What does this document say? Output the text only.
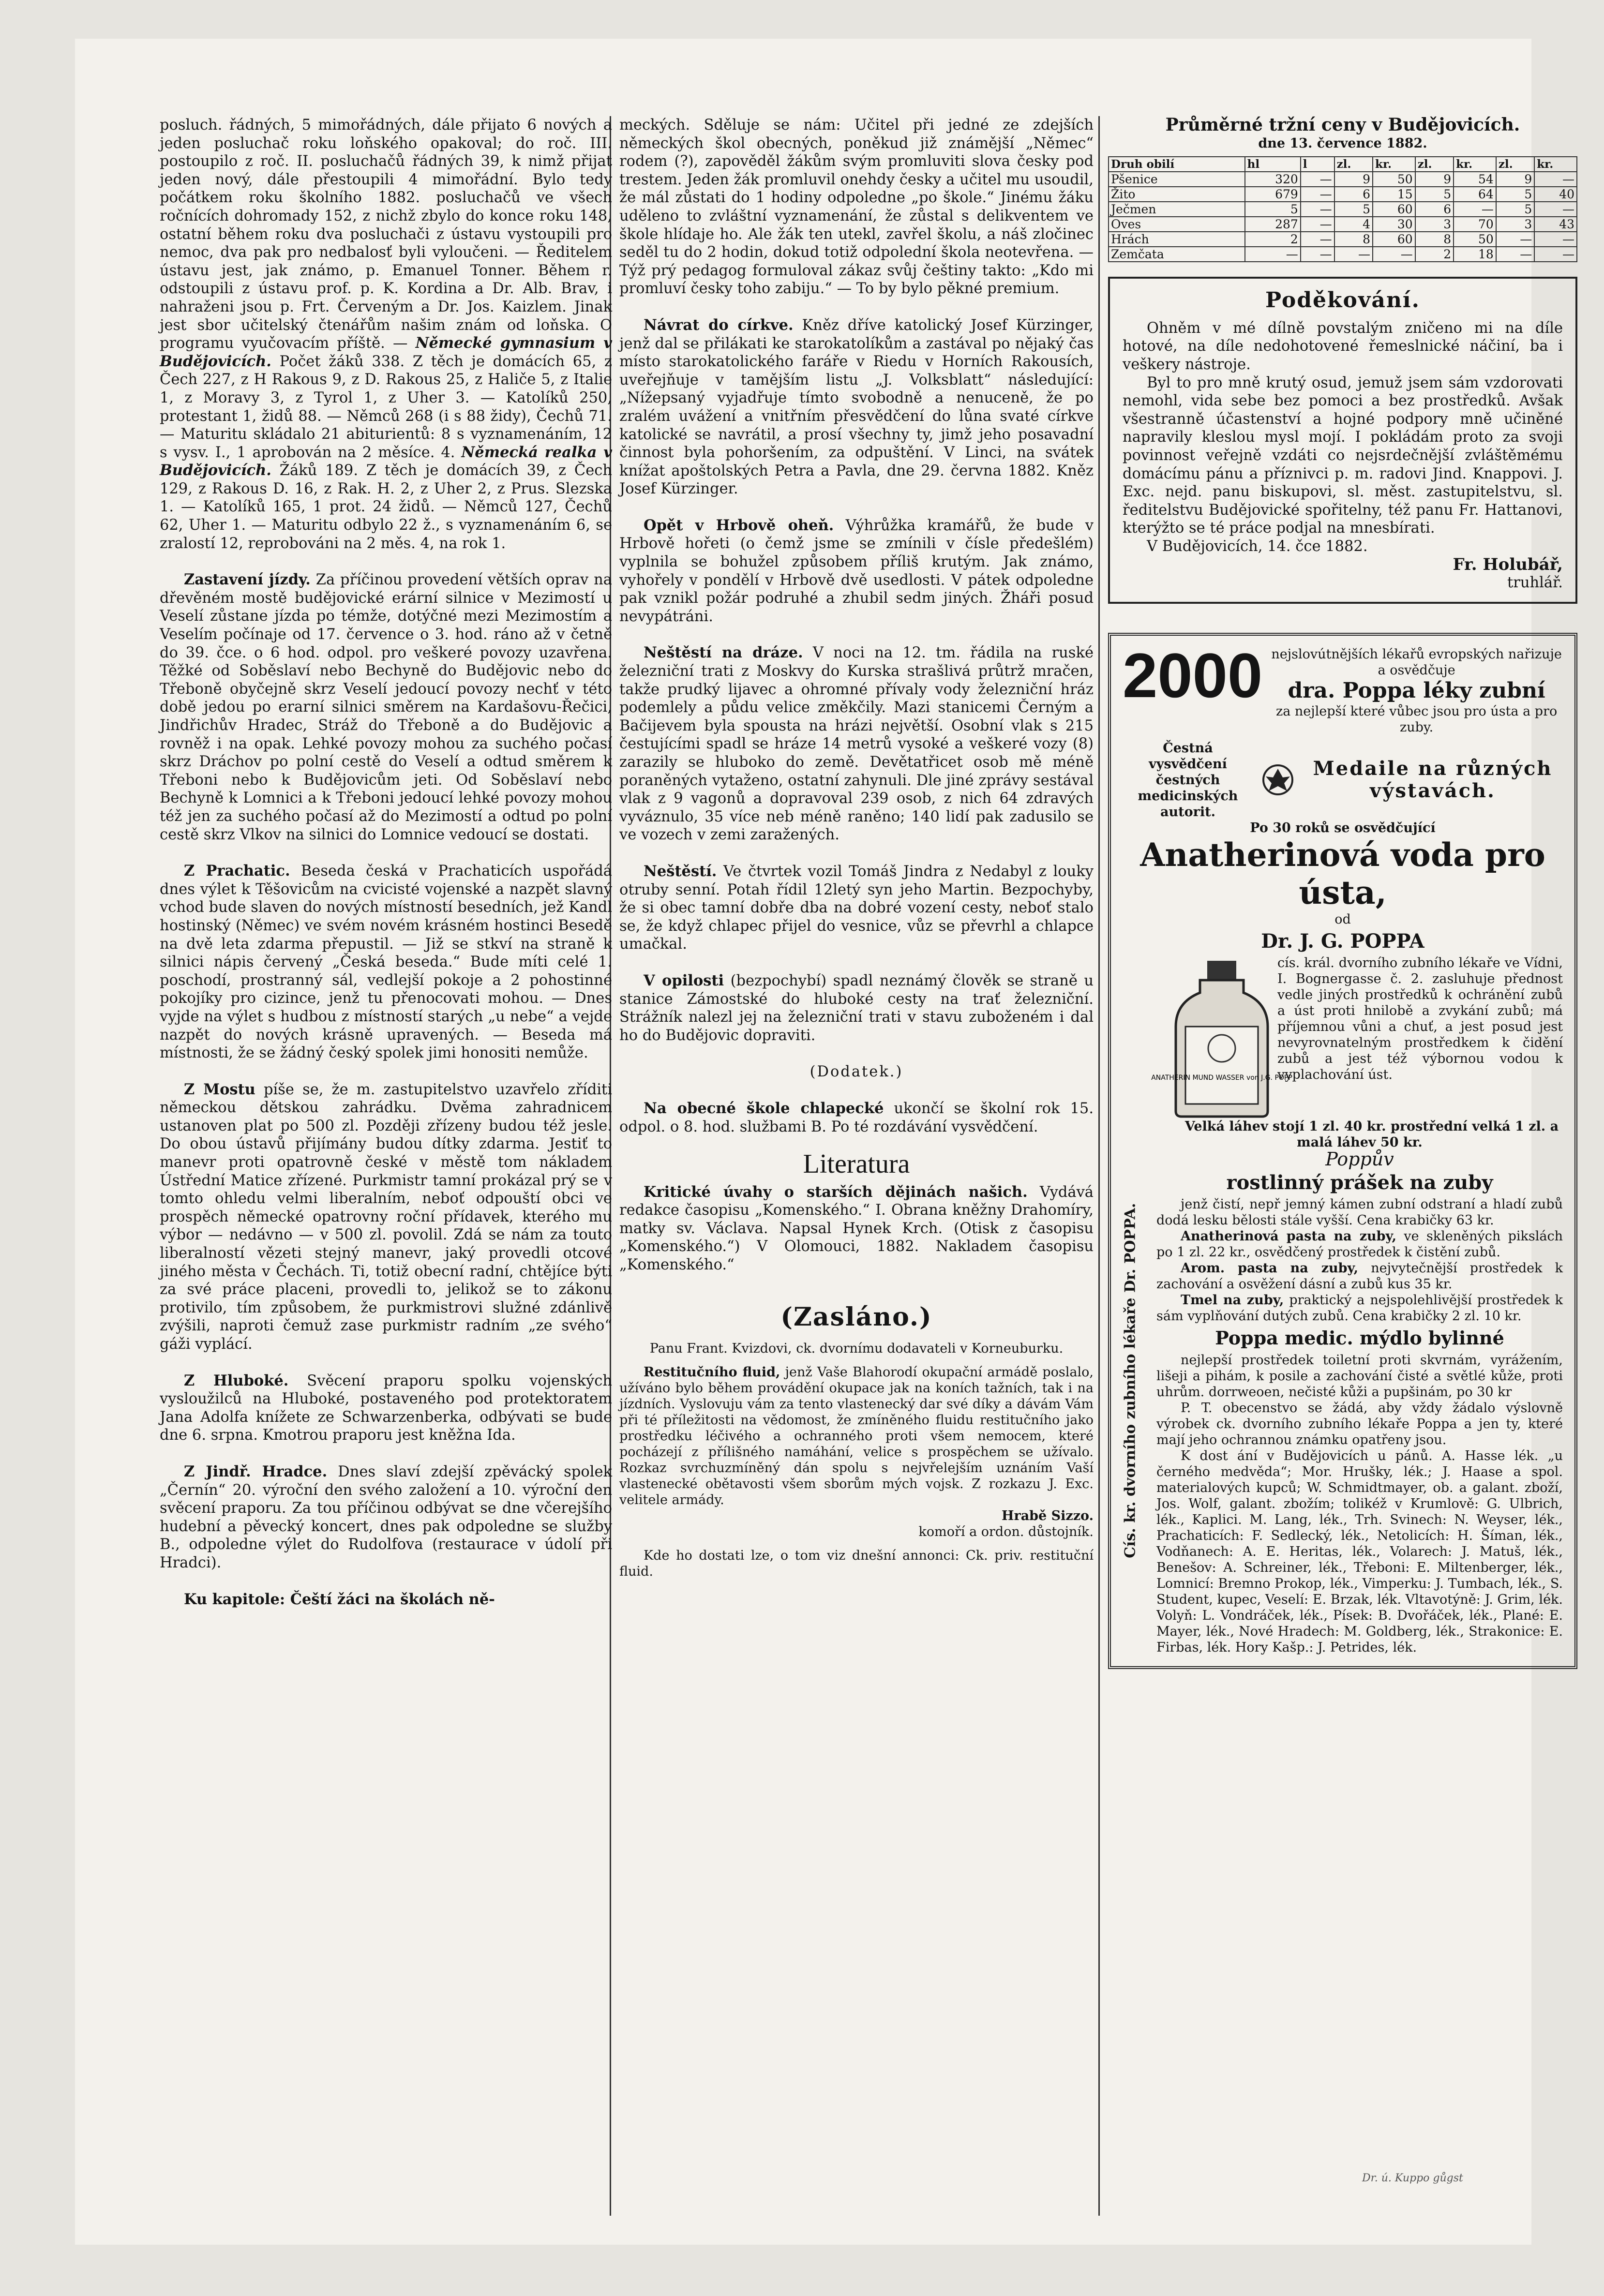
posluch. řádných, 5 mimořádných, dále přijato 6 nových a jeden posluchač roku loňského opakoval; do roč. III. postoupilo z roč. II. posluchačů řádných 39, k nimž přijat jeden nový, dále přestoupili 4 mimořádní. Bylo tedy počátkem roku školního 1882. posluchačů ve všech ročnících dohromady 152, z nichž zbylo do konce roku 148, ostatní během roku dva posluchači z ústavu vystoupili pro nemoc, dva pak pro nedbalosť byli vyloučeni. — Ředitelem ústavu jest, jak známo, p. Emanuel Tonner. Během r. odstoupili z ústavu prof. p. K. Kordina a Dr. Alb. Brav, i nahraženi jsou p. Frt. Červeným a Dr. Jos. Kaizlem. Jinak jest sbor učitelský čtenářům našim znám od loňska. O programu vyučovacím příště. — Německé gymnasium v Budějovicích. Počet žáků 338. Z těch je domácích 65, z Čech 227, z H Rakous 9, z D. Rakous 25, z Haliče 5, z Italie 1, z Moravy 3, z Tyrol 1, z Uher 3. — Katolíků 250, protestant 1, židů 88. — Němců 268 (i s 88 židy), Čechů 71. — Maturitu skládalo 21 abiturientů: 8 s vyznamenáním, 12 s vysv. I., 1 aprobován na 2 měsíce. 4. Německá realka v Budějovicích. Žáků 189. Z těch je domácích 39, z Čech 129, z Rakous D. 16, z Rak. H. 2, z Uher 2, z Prus. Slezska 1. — Katolíků 165, 1 prot. 24 židů. — Němců 127, Čechů 62, Uher 1. — Maturitu odbylo 22 ž., s vyznamenáním 6, se zralostí 12, reprobováni na 2 měs. 4, na rok 1.

Zastavení jízdy. Za příčinou provedení větších oprav na dřevěném mostě budějovické erární silnice v Mezimostí u Veselí zůstane jízda po témže, dotýčné mezi Mezimostím a Veselím počínaje od 17. července o 3. hod. ráno až v četně do 39. čce. o 6 hod. odpol. pro veškeré povozy uzavřena. Těžké od Soběslaví nebo Bechyně do Budějovic nebo do Třeboně obyčejně skrz Veselí jedoucí povozy nechť v této době jedou po erarní silnici směrem na Kardašovu-Řečici, Jindřichův Hradec, Stráž do Třeboně a do Budějovic a rovněž i na opak. Lehké povozy mohou za suchého počasí skrz Dráchov po polní cestě do Veselí a odtud směrem k Třeboni nebo k Budějovicům jeti. Od Soběslaví nebo Bechyně k Lomnici a k Třeboni jedoucí lehké povozy mohou též jen za suchého počasí až do Mezimostí a odtud po polní cestě skrz Vlkov na silnici do Lomnice vedoucí se dostati.

Z Prachatic. Beseda česká v Prachaticích uspořádá dnes výlet k Těšovicům na cvicisté vojenské a nazpět slavný vchod bude slaven do nových místností besedních, jež Kandl hostinský (Němec) ve svém novém krásném hostinci Besedě na dvě leta zdarma přepustil. — Již se stkví na straně k silnici nápis červený „Česká beseda.“ Bude míti celé 1. poschodí, prostranný sál, vedlejší pokoje a 2 pohostinné pokojíky pro cizince, jenž tu přenocovati mohou. — Dnes vyjde na výlet s hudbou z místností starých „u nebe“ a vejde nazpět do nových krásně upravených. — Beseda má místnosti, že se žádný český spolek jimi honositi nemůže.

Z Mostu píše se, že m. zastupitelstvo uzavřelo zříditi německou dětskou zahrádku. Dvěma zahradnicem ustanoven plat po 500 zl. Později zřízeny budou též jesle. Do obou ústavů přijímány budou dítky zdarma. Jestiť to manevr proti opatrovně české v městě tom nákladem Ústřední Matice zřízené. Purkmistr tamní prokázal prý se v tomto ohledu velmi liberalním, neboť odpouští obci ve prospěch německé opatrovny roční přídavek, kterého mu výbor — nedávno — v 500 zl. povolil. Zdá se nám za touto liberalností vězeti stejný manevr, jaký provedli otcové jiného města v Čechách. Ti, totiž obecní radní, chtějíce býti za své práce placeni, provedli to, jelikož se to zákonu protivilo, tím způsobem, že purkmistrovi služné zdánlivě zvýšili, naproti čemuž zase purkmistr radním „ze svého“ gáži vyplácí.

Z Hluboké. Svěcení praporu spolku vojenských vysloužilců na Hluboké, postaveného pod protektoratem Jana Adolfa knížete ze Schwarzenberka, odbývati se bude dne 6. srpna. Kmotrou praporu jest kněžna Ida.

Z Jindř. Hradce. Dnes slaví zdejší zpěvácký spolek „Černín“ 20. výroční den svého založení a 10. výroční den svěcení praporu. Za tou příčinou odbývat se dne včerejšího hudební a pěvecký koncert, dnes pak odpoledne se služby B., odpoledne výlet do Rudolfova (restaurace v údolí při Hradci).

Ku kapitole: Čeští žáci na školách ně-

meckých. Sděluje se nám: Učitel při jedné ze zdejších německých škol obecných, poněkud již známější „Němec“ rodem (?), zapověděl žákům svým promluviti slova česky pod trestem. Jeden žák promluvil onehdy česky a učitel mu usoudil, že mál zůstati do 1 hodiny odpoledne „po škole.“ Jinému žáku uděleno to zvláštní vyznamenání, že zůstal s delikventem ve škole hlídaje ho. Ale žák ten utekl, zavřel školu, a náš zločinec seděl tu do 2 hodin, dokud totiž odpolední škola neotevřena. — Týž prý pedagog formuloval zákaz svůj češtiny takto: „Kdo mi promluví česky toho zabiju.“ — To by bylo pěkné premium.

Návrat do církve. Kněz dříve katolický Josef Kürzinger, jenž dal se přilákati ke starokatolíkům a zastával po nějaký čas místo starokatolického faráře v Riedu v Horních Rakousích, uveřejňuje v tamějším listu „J. Volksblatt“ následující: „Nížepsaný vyjadřuje tímto svobodně a nenuceně, že po zralém uvážení a vnitřním přesvědčení do lůna svaté církve katolické se navrátil, a prosí všechny ty, jimž jeho posavadní činnost byla pohoršením, za odpuštění. V Linci, na svátek knížat apoštolských Petra a Pavla, dne 29. června 1882. Kněz Josef Kürzinger.

Opět v Hrbově oheň. Výhrůžka kramářů, že bude v Hrbově hořeti (o čemž jsme se zmínili v čísle předešlém) vyplnila se bohužel způsobem příliš krutým. Jak známo, vyhořely v pondělí v Hrbově dvě usedlosti. V pátek odpoledne pak vznikl požár podruhé a zhubil sedm jiných. Žháři posud nevypátráni.

Neštěstí na dráze. V noci na 12. tm. řádila na ruské železniční trati z Moskvy do Kurska strašlivá průtrž mračen, takže prudký lijavec a ohromné přívaly vody železniční hráz podemlely a půdu velice změkčily. Mazi stanicemi Černým a Bačijevem byla spousta na hrázi největší. Osobní vlak s 215 čestujícími spadl se hráze 14 metrů vysoké a veškeré vozy (8) zarazily se hluboko do země. Devětatřicet osob mě méně poraněných vytaženo, ostatní zahynuli. Dle jiné zprávy sestával vlak z 9 vagonů a dopravoval 239 osob, z nich 64 zdravých vyváznulo, 35 více neb méně raněno; 140 lidí pak zadusilo se ve vozech v zemi zaražených.

Neštěstí. Ve čtvrtek vozil Tomáš Jindra z Nedabyl z louky otruby senní. Potah řídil 12letý syn jeho Martin. Bezpochyby, že si obec tamní dobře dba na dobré vození cesty, neboť stalo se, že když chlapec přijel do vesnice, vůz se převrhl a chlapce umačkal.

V opilosti (bezpochybí) spadl neznámý člověk se straně u stanice Zámostské do hluboké cesty na trať železniční. Strážník nalezl jej na železniční trati v stavu zuboženém i dal ho do Budějovic dopraviti.

(Dodatek.)

Na obecné škole chlapecké ukončí se školní rok 15. odpol. o 8. hod. službami B. Po té rozdávání vysvědčení.

Literatura

Kritické úvahy o starších dějinách našich. Vydává redakce časopisu „Komenského.“ I. Obrana kněžny Drahomíry, matky sv. Václava. Napsal Hynek Krch. (Otisk z časopisu „Komenského.“) V Olomouci, 1882. Nakladem časopisu „Komenského.“

(Zasláno.)

Panu Frant. Kvizdovi, ck. dvornímu dodavateli v Korneuburku.

Restitučního fluid, jenž Vaše Blahorodí okupační armádě poslalo, užíváno bylo během provádění okupace jak na koních tažních, tak i na jízdních. Vyslovuju vám za tento vlastenecký dar své díky a dávám Vám při té příležitosti na vědomost, že zmíněného fluidu restitučního jako prostředku léčivého a ochranného proti všem nemocem, které pocházejí z přílišného namáhání, velice s prospěchem se užívalo. Rozkaz svrchuzmíněný dán spolu s nejvřelejším uznáním Vaší vlastenecké obětavosti všem sborům mých vojsk. Z rozkazu J. Exc. velitele armády.

Hrabě Sizzo.

komoří a ordon. důstojník.

Kde ho dostati lze, o tom viz dnešní annonci: Ck. priv. restituční fluid.

Průměrné tržní ceny v Budějovicích.
dne 13. července 1882.
Druh obilí	hl	l	zl.	kr.	zl.	kr.	zl.	kr.
Pšenice	320	—	9	50	9	54	9	—
Žito	679	—	6	15	5	64	5	40
Ječmen	5	—	5	60	6	—	5	—
Oves	287	—	4	30	3	70	3	43
Hrách	2	—	8	60	8	50	—	—
Zemčata	—	—	—	—	2	18	—	—
Poděkování.

Ohněm v mé dílně povstalým zničeno mi na díle hotové, na díle nedohotovené řemeslnické náčiní, ba i veškery nástroje.

Byl to pro mně krutý osud, jemuž jsem sám vzdorovati nemohl, vida sebe bez pomoci a bez prostředků. Avšak všestranně účastenství a hojné podpory mně učiněné napravily kleslou mysl mojí. I pokládám proto za svoji povinnost veřejně vzdáti co nejsrdečnější zvláštěmému domácímu pánu a příznivci p. m. radovi Jind. Knappovi. J. Exc. nejd. panu biskupovi, sl. měst. zastupitelstvu, sl. ředitelstvu Budějovické spořitelny, též panu Fr. Hattanovi, kterýžto se té práce podjal na mnesbírati.

V Budějovicích, 14. čce 1882.

Fr. Holubář,

truhlář.

Cís. kr. dvorního zubního lékaře Dr. POPPA.
2000 nejslovútnějších lékařů evropských nařizuje a osvědčuje
dra. Poppa léky zubní
za nejlepší které vůbec jsou pro ústa a pro zuby.
Čestná vysvědčení čestných medicinských autorit.
Medaile na různých výstavách.
Po 30 roků se osvědčující
Anatherinová voda pro ústa,
od
Dr. J. G. POPPA
ANATHERIN MUND WASSER von J.G. POPP

cís. král. dvorního zubního lékaře ve Vídni, I. Bognergasse č. 2. zasluhuje přednost vedle jiných prostředků k ochránění zubů a úst proti hnilobě a zvykání zubů; má příjemnou vůni a chuť, a jest posud jest nevyrovnatelným prostředkem k čidění zubů a jest též výbornou vodou k vyplachování úst.

Velká láhev stojí 1 zl. 40 kr. prostřední velká 1 zl. a malá láhev 50 kr.

Poppův
rostlinný prášek na zuby

jenž čistí, nepř jemný kámen zubní odstraní a hladí zubů dodá lesku bělosti stále vyšší. Cena krabičky 63 kr.

Anatherinová pasta na zuby, ve skleněných pikslách po 1 zl. 22 kr., osvědčený prostředek k čistění zubů.

Arom. pasta na zuby, nejvytečnější prostředek k zachování a osvěžení dásní a zubů kus 35 kr.

Tmel na zuby, praktický a nejspolehlivější prostředek k sám vyplňování dutých zubů. Cena krabičky 2 zl. 10 kr.

Poppa medic. mýdlo bylinné

nejlepší prostředek toiletní proti skvrnám, vyrážením, lišeji a pihám, k posile a zachování čisté a světlé kůže, proti uhrům. dorrweoen, nečisté kůži a pupšinám, po 30 kr

P. T. obecenstvo se žádá, aby vždy žádalo výslovně výrobek ck. dvorního zubního lékaře Poppa a jen ty, které mají jeho ochrannou známku opatřeny jsou.

K dost ání v Budějovicích u pánů. A. Hasse lék. „u černého medvěda“; Mor. Hrušky, lék.; J. Haase a spol. materialových kupců; W. Schmidtmayer, ob. a galant. zboží, Jos. Wolf, galant. zbožím; tolikéž v Krumlově: G. Ulbrich, lék., Kaplici. M. Lang, lék., Trh. Svinech: N. Weyser, lék., Prachaticích: F. Sedlecký, lék., Netolicích: H. Šíman, lék., Vodňanech: A. E. Heritas, lék., Volarech: J. Matuš, lék., Benešov: A. Schreiner, lék., Třeboni: E. Miltenberger, lék., Lomnicí: Bremno Prokop, lék., Vimperku: J. Tumbach, lék., S. Student, kupec, Veselí: E. Brzak, lék. Vltavotýně: J. Grim, lék. Volyň: L. Vondráček, lék., Písek: B. Dvořáček, lék., Plané: E. Mayer, lék., Nové Hradech: M. Goldberg, lék., Strakonice: E. Firbas, lék. Hory Kašp.: J. Petrides, lék.

Dr. ú. Kuppo gůgst
